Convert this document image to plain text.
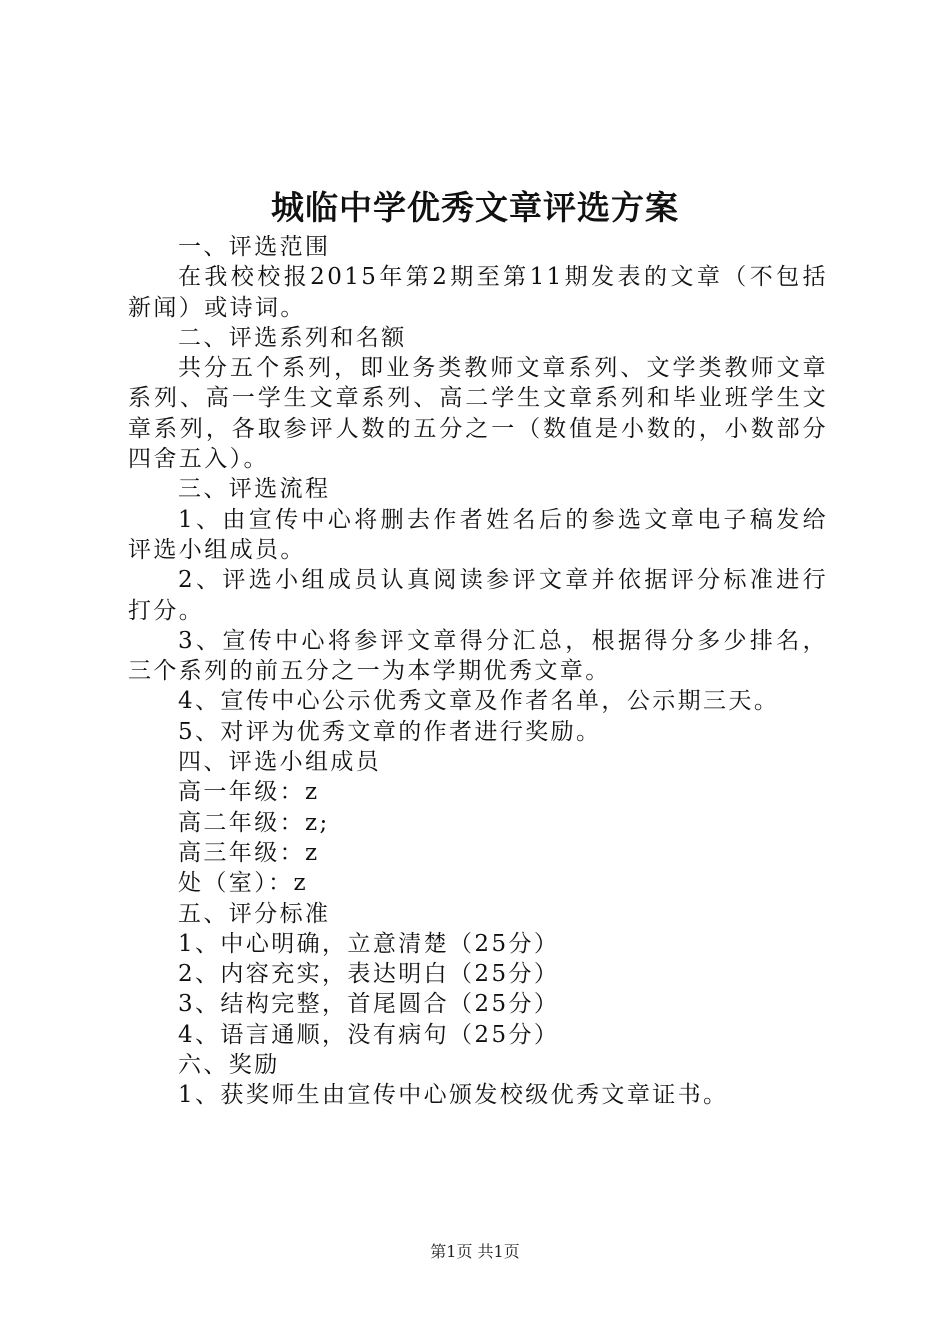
城临中学优秀文章评选方案

一、评选范围

在我校校报2015年第2期至第11期发表的文章（不包括新闻）或诗词。

二、评选系列和名额

共分五个系列，即业务类教师文章系列、文学类教师文章系列、高一学生文章系列、高二学生文章系列和毕业班学生文章系列，各取参评人数的五分之一（数值是小数的，小数部分四舍五入）。

三、评选流程

1、由宣传中心将删去作者姓名后的参选文章电子稿发给评选小组成员。

2、评选小组成员认真阅读参评文章并依据评分标准进行打分。

3、宣传中心将参评文章得分汇总，根据得分多少排名，三个系列的前五分之一为本学期优秀文章。

4、宣传中心公示优秀文章及作者名单，公示期三天。

5、对评为优秀文章的作者进行奖励。

四、评选小组成员

高一年级：z

高二年级：z;

高三年级：z

处（室）：z

五、评分标准

1、中心明确，立意清楚（25分）

2、内容充实，表达明白（25分）

3、结构完整，首尾圆合（25分）

4、语言通顺，没有病句（25分）

六、奖励

1、获奖师生由宣传中心颁发校级优秀文章证书。

第1页 共1页
